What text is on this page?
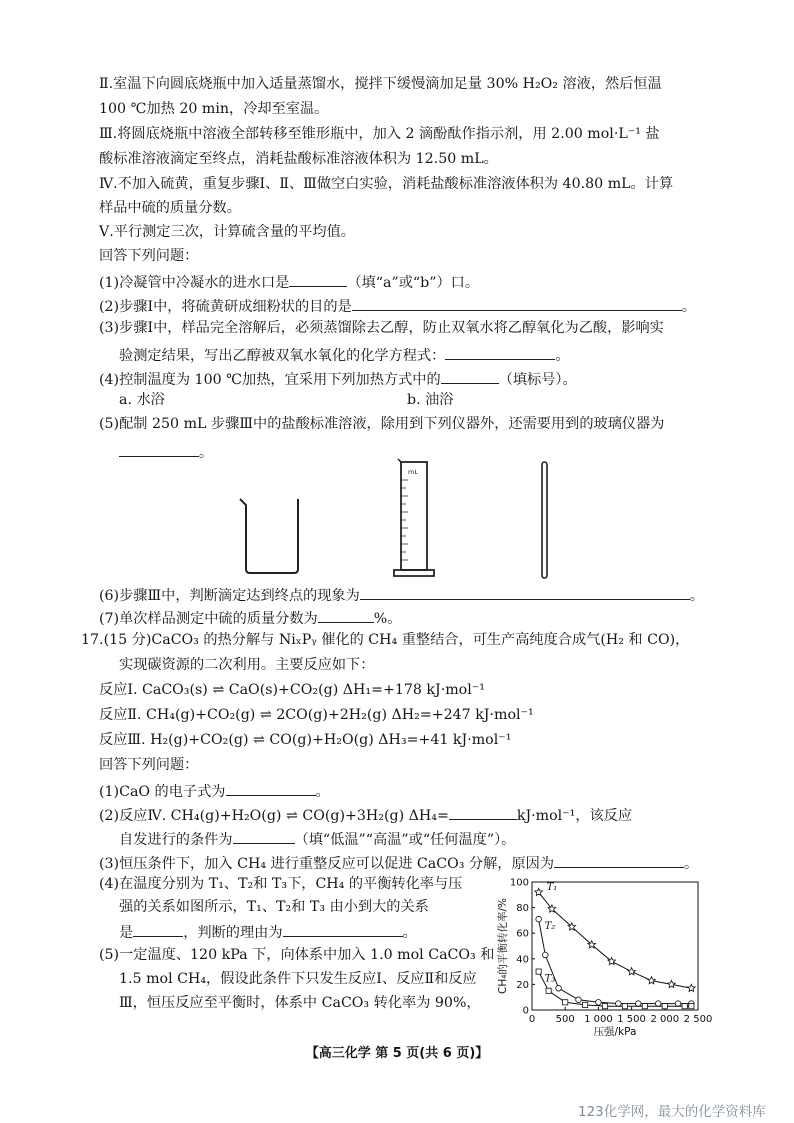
Ⅱ.室温下向圆底烧瓶中加入适量蒸馏水，搅拌下缓慢滴加足量 30% H₂O₂ 溶液，然后恒温
100 ℃加热 20 min，冷却至室温。
Ⅲ.将圆底烧瓶中溶液全部转移至锥形瓶中，加入 2 滴酚酞作指示剂，用 2.00 mol·L⁻¹ 盐
酸标准溶液滴定至终点，消耗盐酸标准溶液体积为 12.50 mL。
Ⅳ.不加入硫黄，重复步骤Ⅰ、Ⅱ、Ⅲ做空白实验，消耗盐酸标准溶液体积为 40.80 mL。计算
样品中硫的质量分数。
Ⅴ.平行测定三次，计算硫含量的平均值。
回答下列问题：
(1)冷凝管中冷凝水的进水口是	（填“a”或“b”）口。
(2)步骤Ⅰ中，将硫黄研成细粉状的目的是	。
(3)步骤Ⅰ中，样品完全溶解后，必须蒸馏除去乙醇，防止双氧水将乙醇氧化为乙酸，影响实
验测定结果，写出乙醇被双氧水氧化的化学方程式：	。
(4)控制温度为 100 ℃加热，宜采用下列加热方式中的	（填标号）。
a. 水浴	b. 油浴
(5)配制 250 mL 步骤Ⅲ中的盐酸标准溶液，除用到下列仪器外，还需要用到的玻璃仪器为
。
mL
(6)步骤Ⅲ中，判断滴定达到终点的现象为	。
(7)单次样品测定中硫的质量分数为	%。
17.(15 分)CaCO₃ 的热分解与 NiₓPᵧ 催化的 CH₄ 重整结合，可生产高纯度合成气(H₂ 和 CO)，
实现碳资源的二次利用。主要反应如下：
反应Ⅰ. CaCO₃(s) ⇌ CaO(s)+CO₂(g) ΔH₁=+178 kJ·mol⁻¹
反应Ⅱ. CH₄(g)+CO₂(g) ⇌ 2CO(g)+2H₂(g) ΔH₂=+247 kJ·mol⁻¹
反应Ⅲ. H₂(g)+CO₂(g) ⇌ CO(g)+H₂O(g) ΔH₃=+41 kJ·mol⁻¹
回答下列问题：
(1)CaO 的电子式为	。
(2)反应Ⅳ. CH₄(g)+H₂O(g) ⇌ CO(g)+3H₂(g) ΔH₄=	kJ·mol⁻¹，该反应
自发进行的条件为	（填“低温”“高温”或“任何温度”）。
(3)恒压条件下，加入 CH₄ 进行重整反应可以促进 CaCO₃ 分解，原因为	。
(4)在温度分别为 T₁、T₂和 T₃下，CH₄ 的平衡转化率与压
强的关系如图所示，T₁、T₂和 T₃ 由小到大的关系
是	，判断的理由为	。
(5)一定温度、120 kPa 下，向体系中加入 1.0 mol CaCO₃ 和
1.5 mol CH₄，假设此条件下只发生反应Ⅰ、反应Ⅱ和反应
Ⅲ，恒压反应至平衡时，体系中 CaCO₃ 转化率为 90%，	0
20
40
60
80
100
0 500 1 000 1 500 2 000 2 500
压强/kPa
CH₄的平衡转化率/%
T₁
T₂
T₃
【高三化学 第 5 页(共 6 页)】
123化学网，最大的化学资料库
